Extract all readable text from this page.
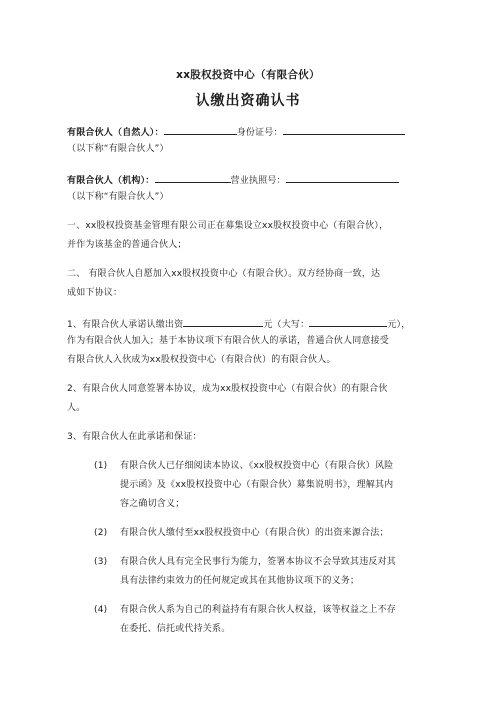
xx股权投资中心（有限合伙）
认缴出资确认书
有限合伙人（自然人）：	身份证号：
（以下称“有限合伙人”）
有限合伙人（机构）：	营业执照号：
（以下称“有限合伙人”）
一、xx股权投资基金管理有限公司正在募集设立xx股权投资中心（有限合伙），
并作为该基金的普通合伙人；
二、 有限合伙人自愿加入xx股权投资中心（有限合伙）。双方经协商一致，达
成如下协议：
1、有限合伙人承诺认缴出资	元（大写：	元），
作为有限合伙人加入；基于本协议项下有限合伙人的承诺，普通合伙人同意接受
有限合伙人入伙成为xx股权投资中心（有限合伙）的有限合伙人。
2、有限合伙人同意签署本协议，成为xx股权投资中心（有限合伙）的有限合伙
人。
3、有限合伙人在此承诺和保证：
(1) 有限合伙人已仔细阅读本协议、《xx股权投资中心（有限合伙）风险
提示函》及《xx股权投资中心（有限合伙）募集说明书》，理解其内
容之确切含义；
(2) 有限合伙人缴付至xx股权投资中心（有限合伙）的出资来源合法；
(3) 有限合伙人具有完全民事行为能力，签署本协议不会导致其违反对其
具有法律约束效力的任何规定或其在其他协议项下的义务；
(4) 有限合伙人系为自己的利益持有有限合伙人权益，该等权益之上不存
在委托、信托或代持关系。
